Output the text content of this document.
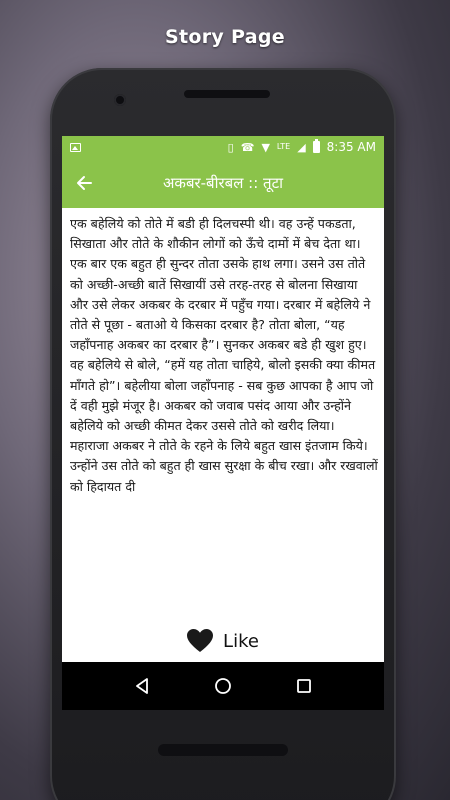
Story Page
▯ ☎ ▼ LTE ◢ 8:35 AM
अकबर-बीरबल :: तूटा

एक बहेलिये को तोते में बडी ही दिलचस्पी थी। वह उन्हें पकडता, सिखाता और तोते के शौकीन लोगों को ऊँचे दामों में बेच देता था। एक बार एक बहुत ही सुन्दर तोता उसके हाथ लगा। उसने उस तोते को अच्छी-अच्छी बातें सिखायीं उसे तरह-तरह से बोलना सिखाया और उसे लेकर अकबर के दरबार में पहुँच गया। दरबार में बहेलिये ने तोते से पूछा - बताओ ये किसका दरबार है? तोता बोला, “यह जहाँपनाह अकबर का दरबार है”। सुनकर अकबर बडे ही खुश हुए। वह बहेलिये से बोले, “हमें यह तोता चाहिये, बोलो इसकी क्या कीमत माँगते हो”। बहेलीया बोला जहाँपनाह - सब कुछ आपका है आप जो दें वही मुझे मंजूर है। अकबर को जवाब पसंद आया और उन्होंने बहेलिये को अच्छी कीमत देकर उससे तोते को खरीद लिया।

महाराजा अकबर ने तोते के रहने के लिये बहुत खास इंतजाम किये। उन्होंने उस तोते को बहुत ही खास सुरक्षा के बीच रखा। और रखवालों को हिदायत दी

Like
